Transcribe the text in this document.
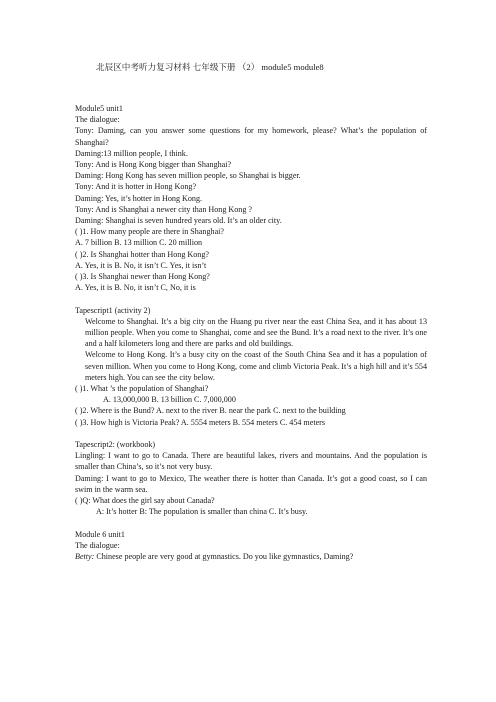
北辰区中考听力复习材料 七年级下册 （2） module5 module8
Module5 unit1
The dialogue:
Tony: Daming, can you answer some questions for my homework, please? What’s the population of Shanghai?
Daming:13 million people, I think.
Tony: And is Hong Kong bigger than Shanghai?
Daming: Hong Kong has seven million people, so Shanghai is bigger.
Tony: And it is hotter in Hong Kong?
Daming: Yes, it’s hotter in Hong Kong.
Tony: And is Shanghai a newer city than Hong Kong ?
Daming: Shanghai is seven hundred years old. It’s an older city.
( )1. How many people are there in Shanghai?
A. 7 billion B. 13 million C. 20 million
( )2. Is Shanghai hotter than Hong Kong?
A. Yes, it is B. No, it isn’t C. Yes, it isn’t
( )3. Is Shanghai newer than Hong Kong?
A. Yes, it is B. No, it isn’t C, No, it is
Tapescript1 (activity 2)
Welcome to Shanghai. It’s a big city on the Huang pu river near the east China Sea, and it has about 13 million people. When you come to Shanghai, come and see the Bund. It’s a road next to the river. It’s one and a half kilometers long and there are parks and old buildings.
Welcome to Hong Kong. It’s a busy city on the coast of the South China Sea and it has a population of seven million. When you come to Hong Kong, come and climb Victoria Peak. It’s a high hill and it’s 554 meters high. You can see the city below.
( )1. What ’s the population of Shanghai?
A. 13,000,000 B. 13 billion C. 7,000,000
( )2. Where is the Bund? A. next to the river B. near the park C. next to the building
( )3. How high is Victoria Peak? A. 5554 meters B. 554 meters C. 454 meters
Tapescript2: (workbook)
Lingling: I want to go to Canada. There are beautiful lakes, rivers and mountains. And the population is smaller than China’s, so it’s not very busy.
Daming: I want to go to Mexico, The weather there is hotter than Canada. It’s got a good coast, so I can swim in the warm sea.
( )Q: What does the girl say about Canada?
A: It’s hotter B: The population is smaller than china C. It’s busy.
Module 6 unit1
The dialogue:
Betty: Chinese people are very good at gymnastics. Do you like gymnastics, Daming?
